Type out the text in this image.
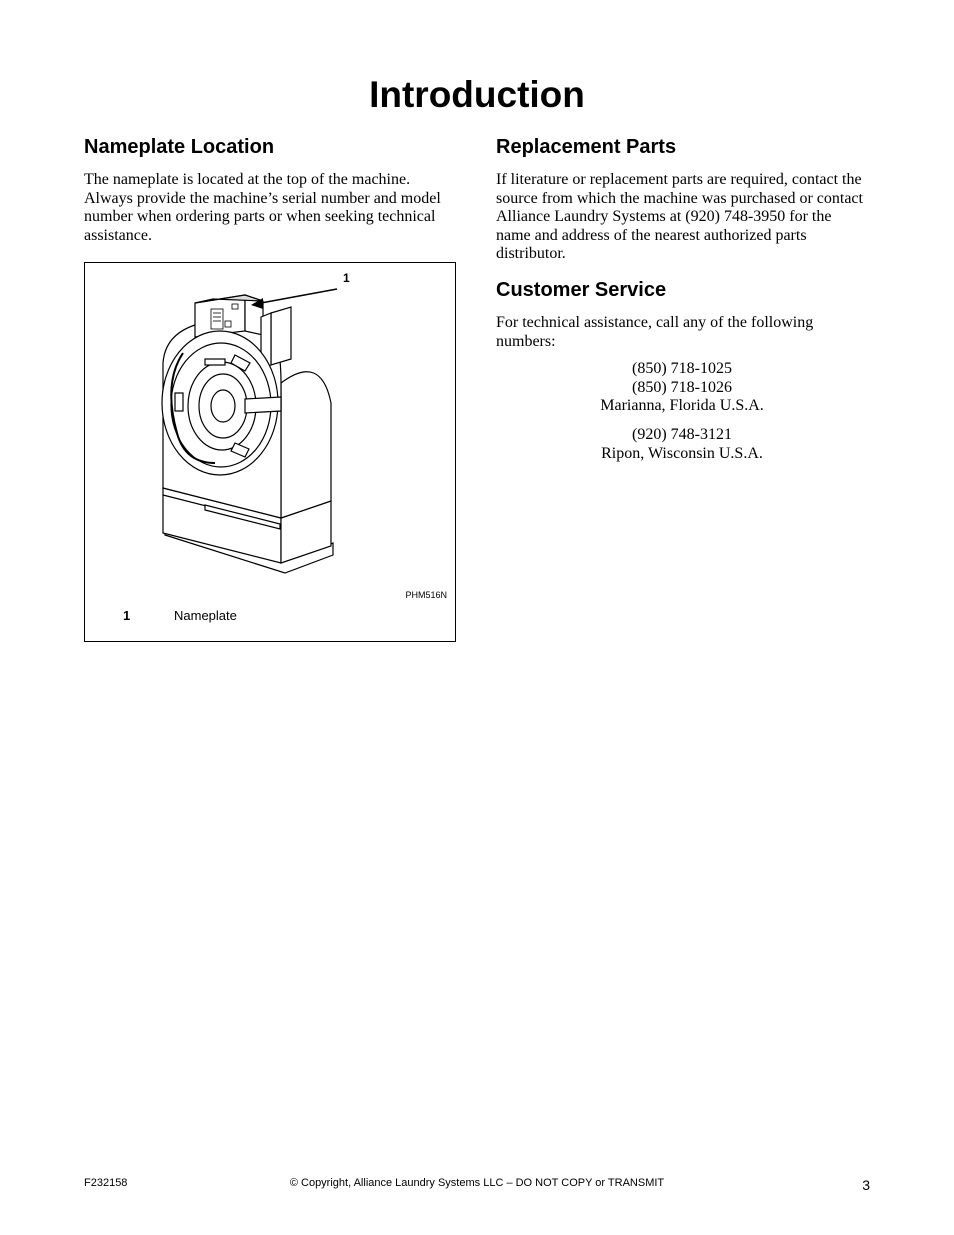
Introduction
Nameplate Location

The nameplate is located at the top of the machine. Always provide the machine’s serial number and model number when ordering parts or when seeking technical assistance.

1
PHM516N
1	Nameplate
Replacement Parts

If literature or replacement parts are required, contact the source from which the machine was purchased or contact Alliance Laundry Systems at (920) 748-3950 for the name and address of the nearest authorized parts distributor.

Customer Service

For technical assistance, call any of the following numbers:

(850) 718-1025
(850) 718-1026
Marianna, Florida U.S.A.
(920) 748-3121
Ripon, Wisconsin U.S.A.
F232158	© Copyright, Alliance Laundry Systems LLC – DO NOT COPY or TRANSMIT	3
